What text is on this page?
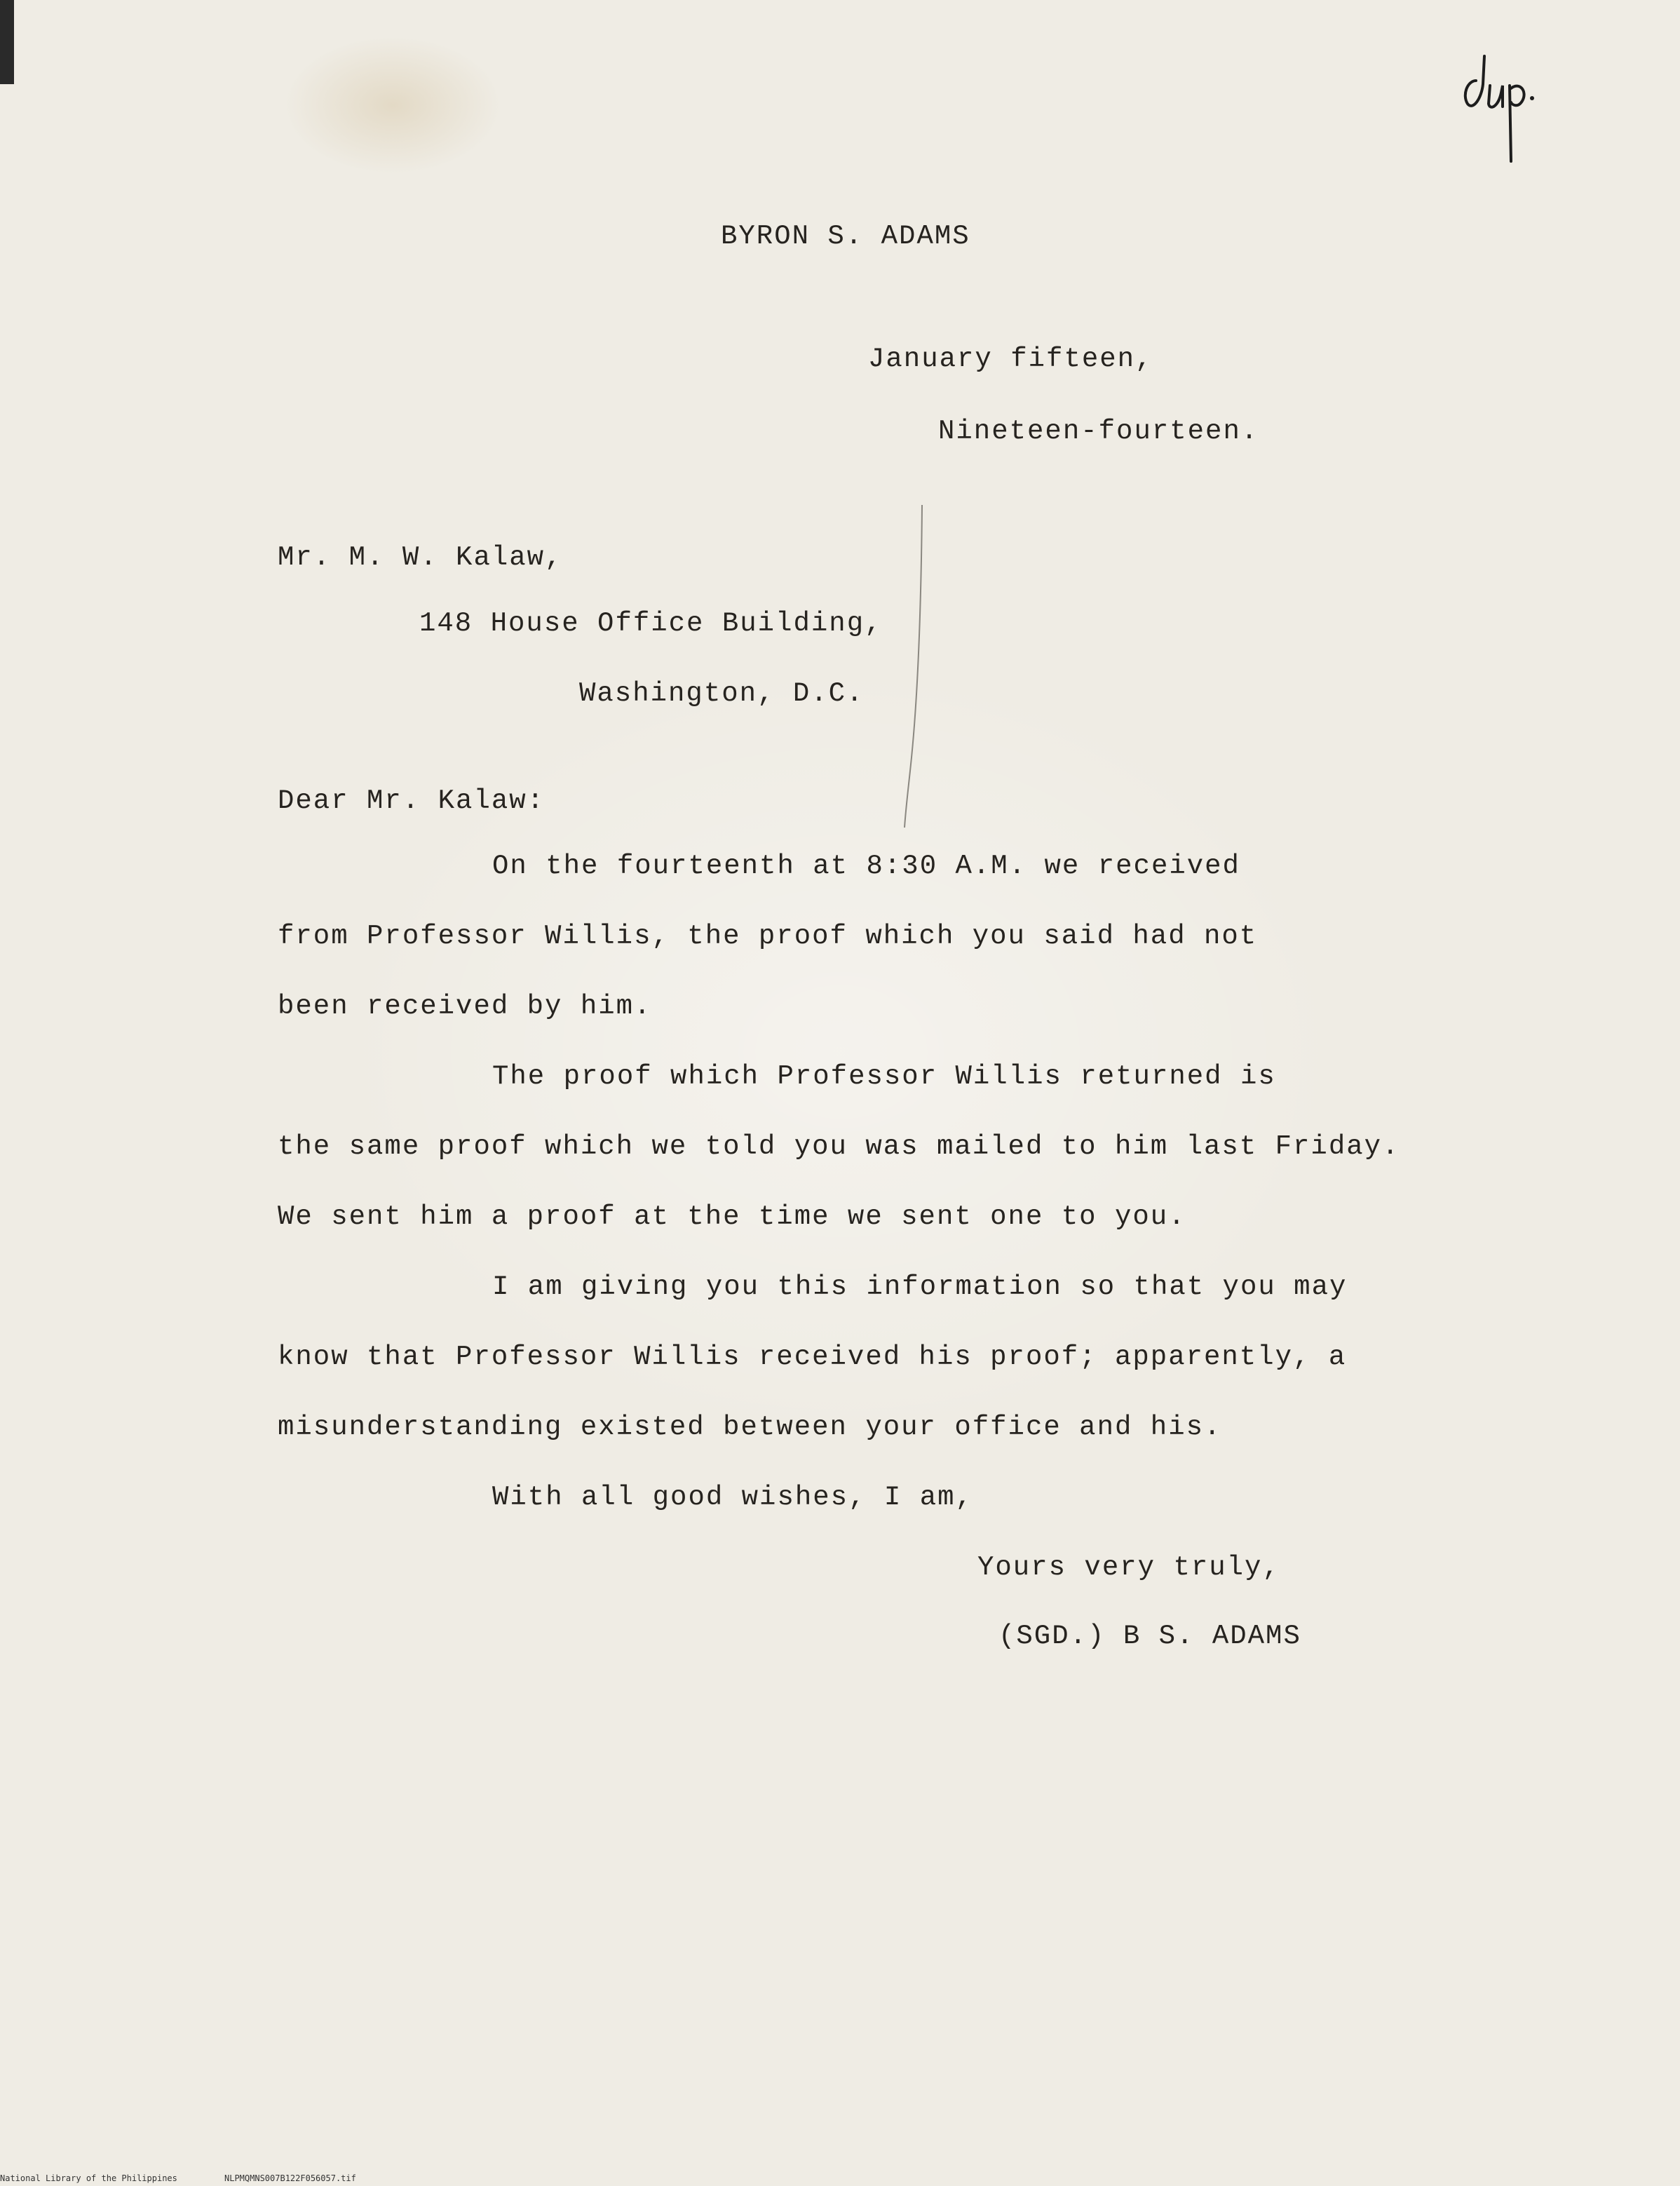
BYRON S. ADAMS
January fifteen,
Nineteen-fourteen.
Mr. M. W. Kalaw,
148 House Office Building,
Washington, D.C.
Dear Mr. Kalaw:
On the fourteenth at 8:30 A.M. we received
from Professor Willis, the proof which you said had not
been received by him.
The proof which Professor Willis returned is
the same proof which we told you was mailed to him last Friday.
We sent him a proof at the time we sent one to you.
I am giving you this information so that you may
know that Professor Willis received his proof; apparently, a
misunderstanding existed between your office and his.
With all good wishes, I am,
Yours very truly,
(SGD.) B S. ADAMS
National Library of the Philippines	NLPMQMNS007B122F056057.tif
